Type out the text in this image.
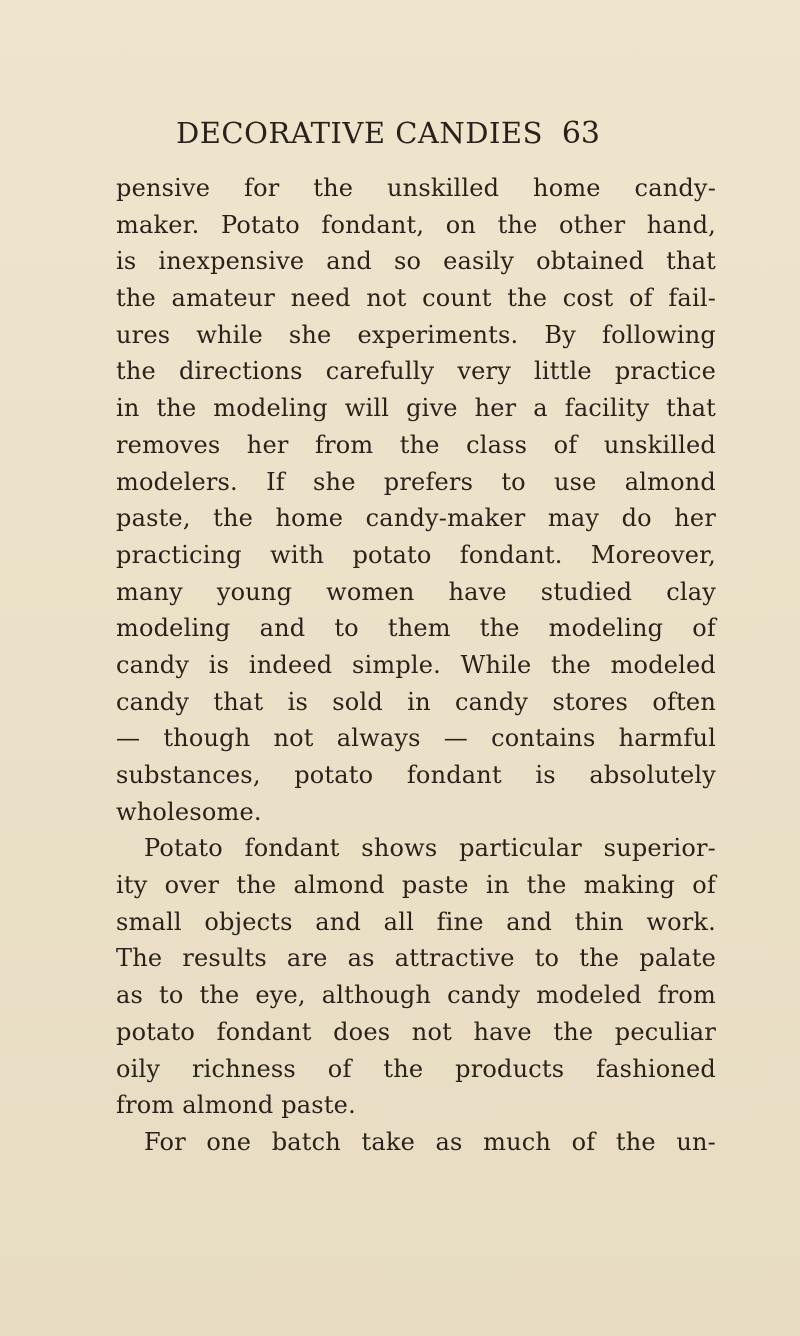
DECORATIVE CANDIES 63
pensive for the unskilled home candy-
maker. Potato fondant, on the other hand,
is inexpensive and so easily obtained that
the amateur need not count the cost of fail-
ures while she experiments. By following
the directions carefully very little practice
in the modeling will give her a facility that
removes her from the class of unskilled
modelers. If she prefers to use almond
paste, the home candy-maker may do her
practicing with potato fondant. Moreover,
many young women have studied clay
modeling and to them the modeling of
candy is indeed simple. While the modeled
candy that is sold in candy stores often
— though not always — contains harmful
substances, potato fondant is absolutely
wholesome.
Potato fondant shows particular superior-
ity over the almond paste in the making of
small objects and all fine and thin work.
The results are as attractive to the palate
as to the eye, although candy modeled from
potato fondant does not have the peculiar
oily richness of the products fashioned
from almond paste.
For one batch take as much of the un-
